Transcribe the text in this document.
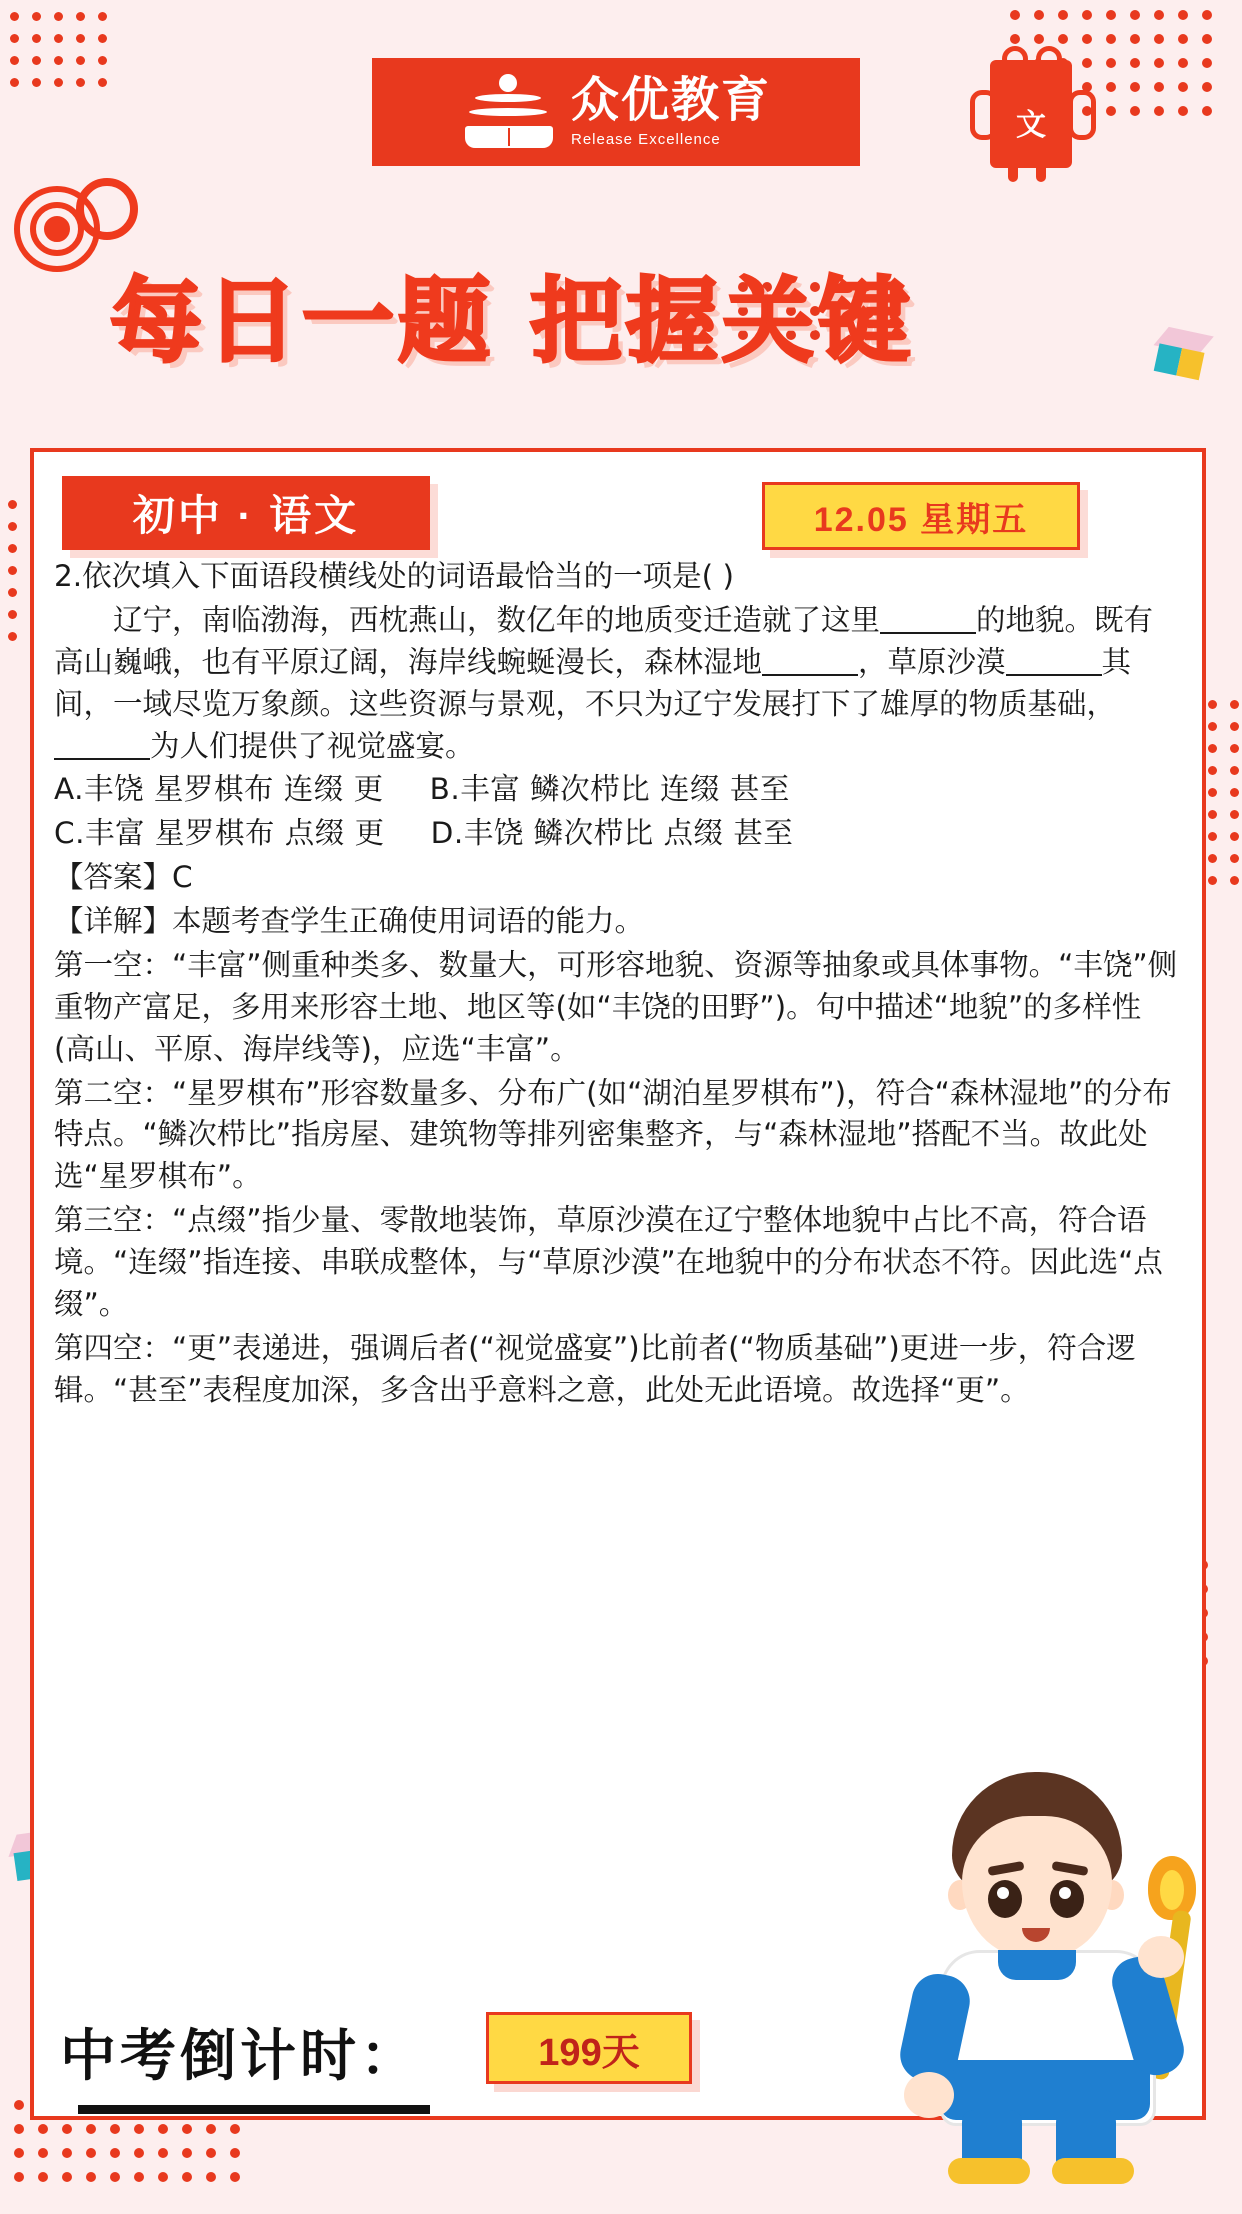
众优教育
Release Excellence	文
每日一题 把握关键
初中 · 语文	12.05 星期五

2.依次填入下面语段横线处的词语最恰当的一项是( )

辽宁，南临渤海，西枕燕山，数亿年的地质变迁造就了这里	的地貌。既有高山巍峨，也有平原辽阔，海岸线蜿蜒漫长，森林湿地	，草原沙漠	其间，一域尽览万象颜。这些资源与景观，不只为辽宁发展打下了雄厚的物质基础，为人们提供了视觉盛宴。

A.丰饶 星罗棋布 连缀 更 B.丰富 鳞次栉比 连缀 甚至

C.丰富 星罗棋布 点缀 更 D.丰饶 鳞次栉比 点缀 甚至

【答案】C

【详解】本题考查学生正确使用词语的能力。

第一空：“丰富”侧重种类多、数量大，可形容地貌、资源等抽象或具体事物。“丰饶”侧重物产富足，多用来形容土地、地区等(如“丰饶的田野”)。句中描述“地貌”的多样性(高山、平原、海岸线等)，应选“丰富”。

第二空：“星罗棋布”形容数量多、分布广(如“湖泊星罗棋布”)，符合“森林湿地”的分布特点。“鳞次栉比”指房屋、建筑物等排列密集整齐，与“森林湿地”搭配不当。故此处选“星罗棋布”。

第三空：“点缀”指少量、零散地装饰，草原沙漠在辽宁整体地貌中占比不高，符合语境。“连缀”指连接、串联成整体，与“草原沙漠”在地貌中的分布状态不符。因此选“点缀”。

第四空：“更”表递进，强调后者(“视觉盛宴”)比前者(“物质基础”)更进一步，符合逻辑。“甚至”表程度加深，多含出乎意料之意，此处无此语境。故选择“更”。

中考倒计时：	199天
